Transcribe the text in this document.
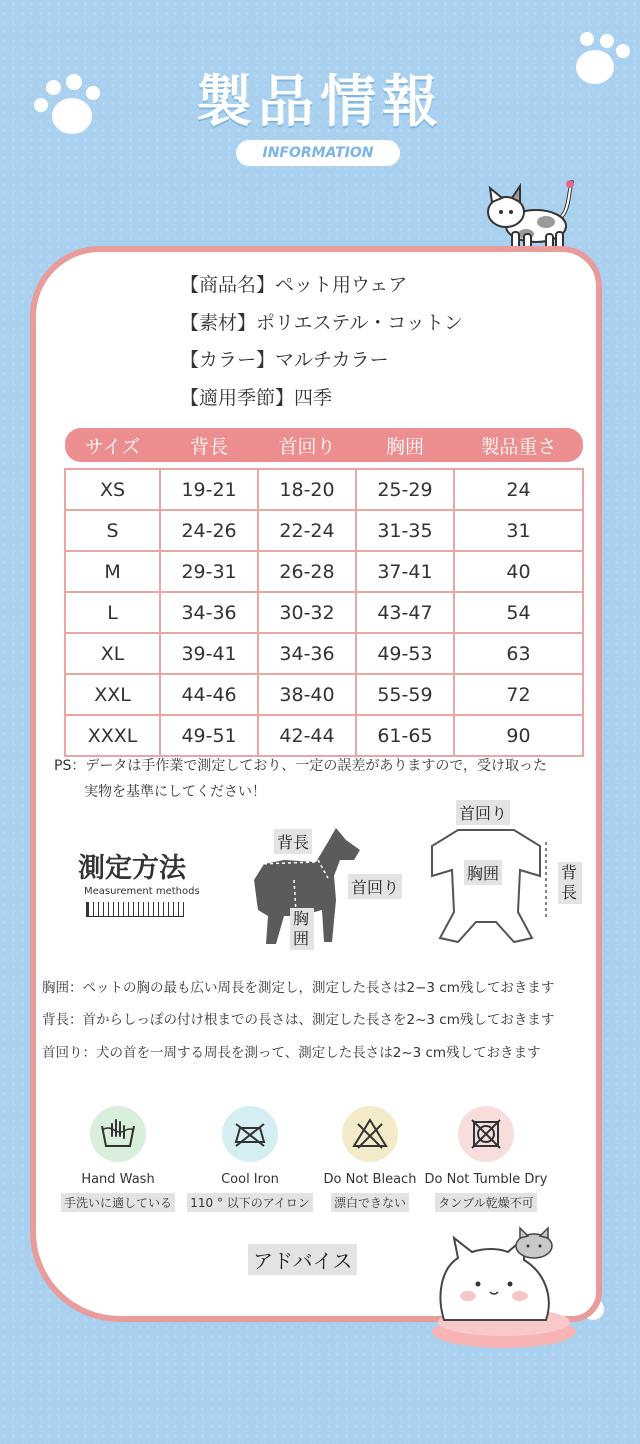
製品情報
INFORMATION
【商品名】ペット用ウェア
【素材】ポリエステル・コットン
【カラー】マルチカラー
【適用季節】四季
サイズ	背長	首回り	胸囲	製品重さ

XS	19-21	18-20	25-29	24
S	24-26	22-24	31-35	31
M	29-31	26-28	37-41	40
L	34-36	30-32	43-47	54
XL	39-41	34-36	49-53	63
XXL	44-46	38-40	55-59	72
XXXL	49-51	42-44	61-65	90
PS：データは手作業で測定しており、一定の誤差がありますので，受け取った
実物を基準にしてください！
測定方法
Measurement methods
背長
首回り
胸囲
首回り
胸囲	背長
胸囲：ペットの胸の最も広い周長を測定し，測定した長さは2−3 cm残しておきます
背長：首からしっぽの付け根までの長さは、測定した長さを2~3 cm残しておきます
首回り：犬の首を一周する周長を測って、測定した長さは2~3 cm残しておきます
Hand Wash
手洗いに適している
Cool Iron
110 ° 以下のアイロン
Do Not Bleach
漂白できない
Do Not Tumble Dry
タンブル乾燥不可
アドバイス
